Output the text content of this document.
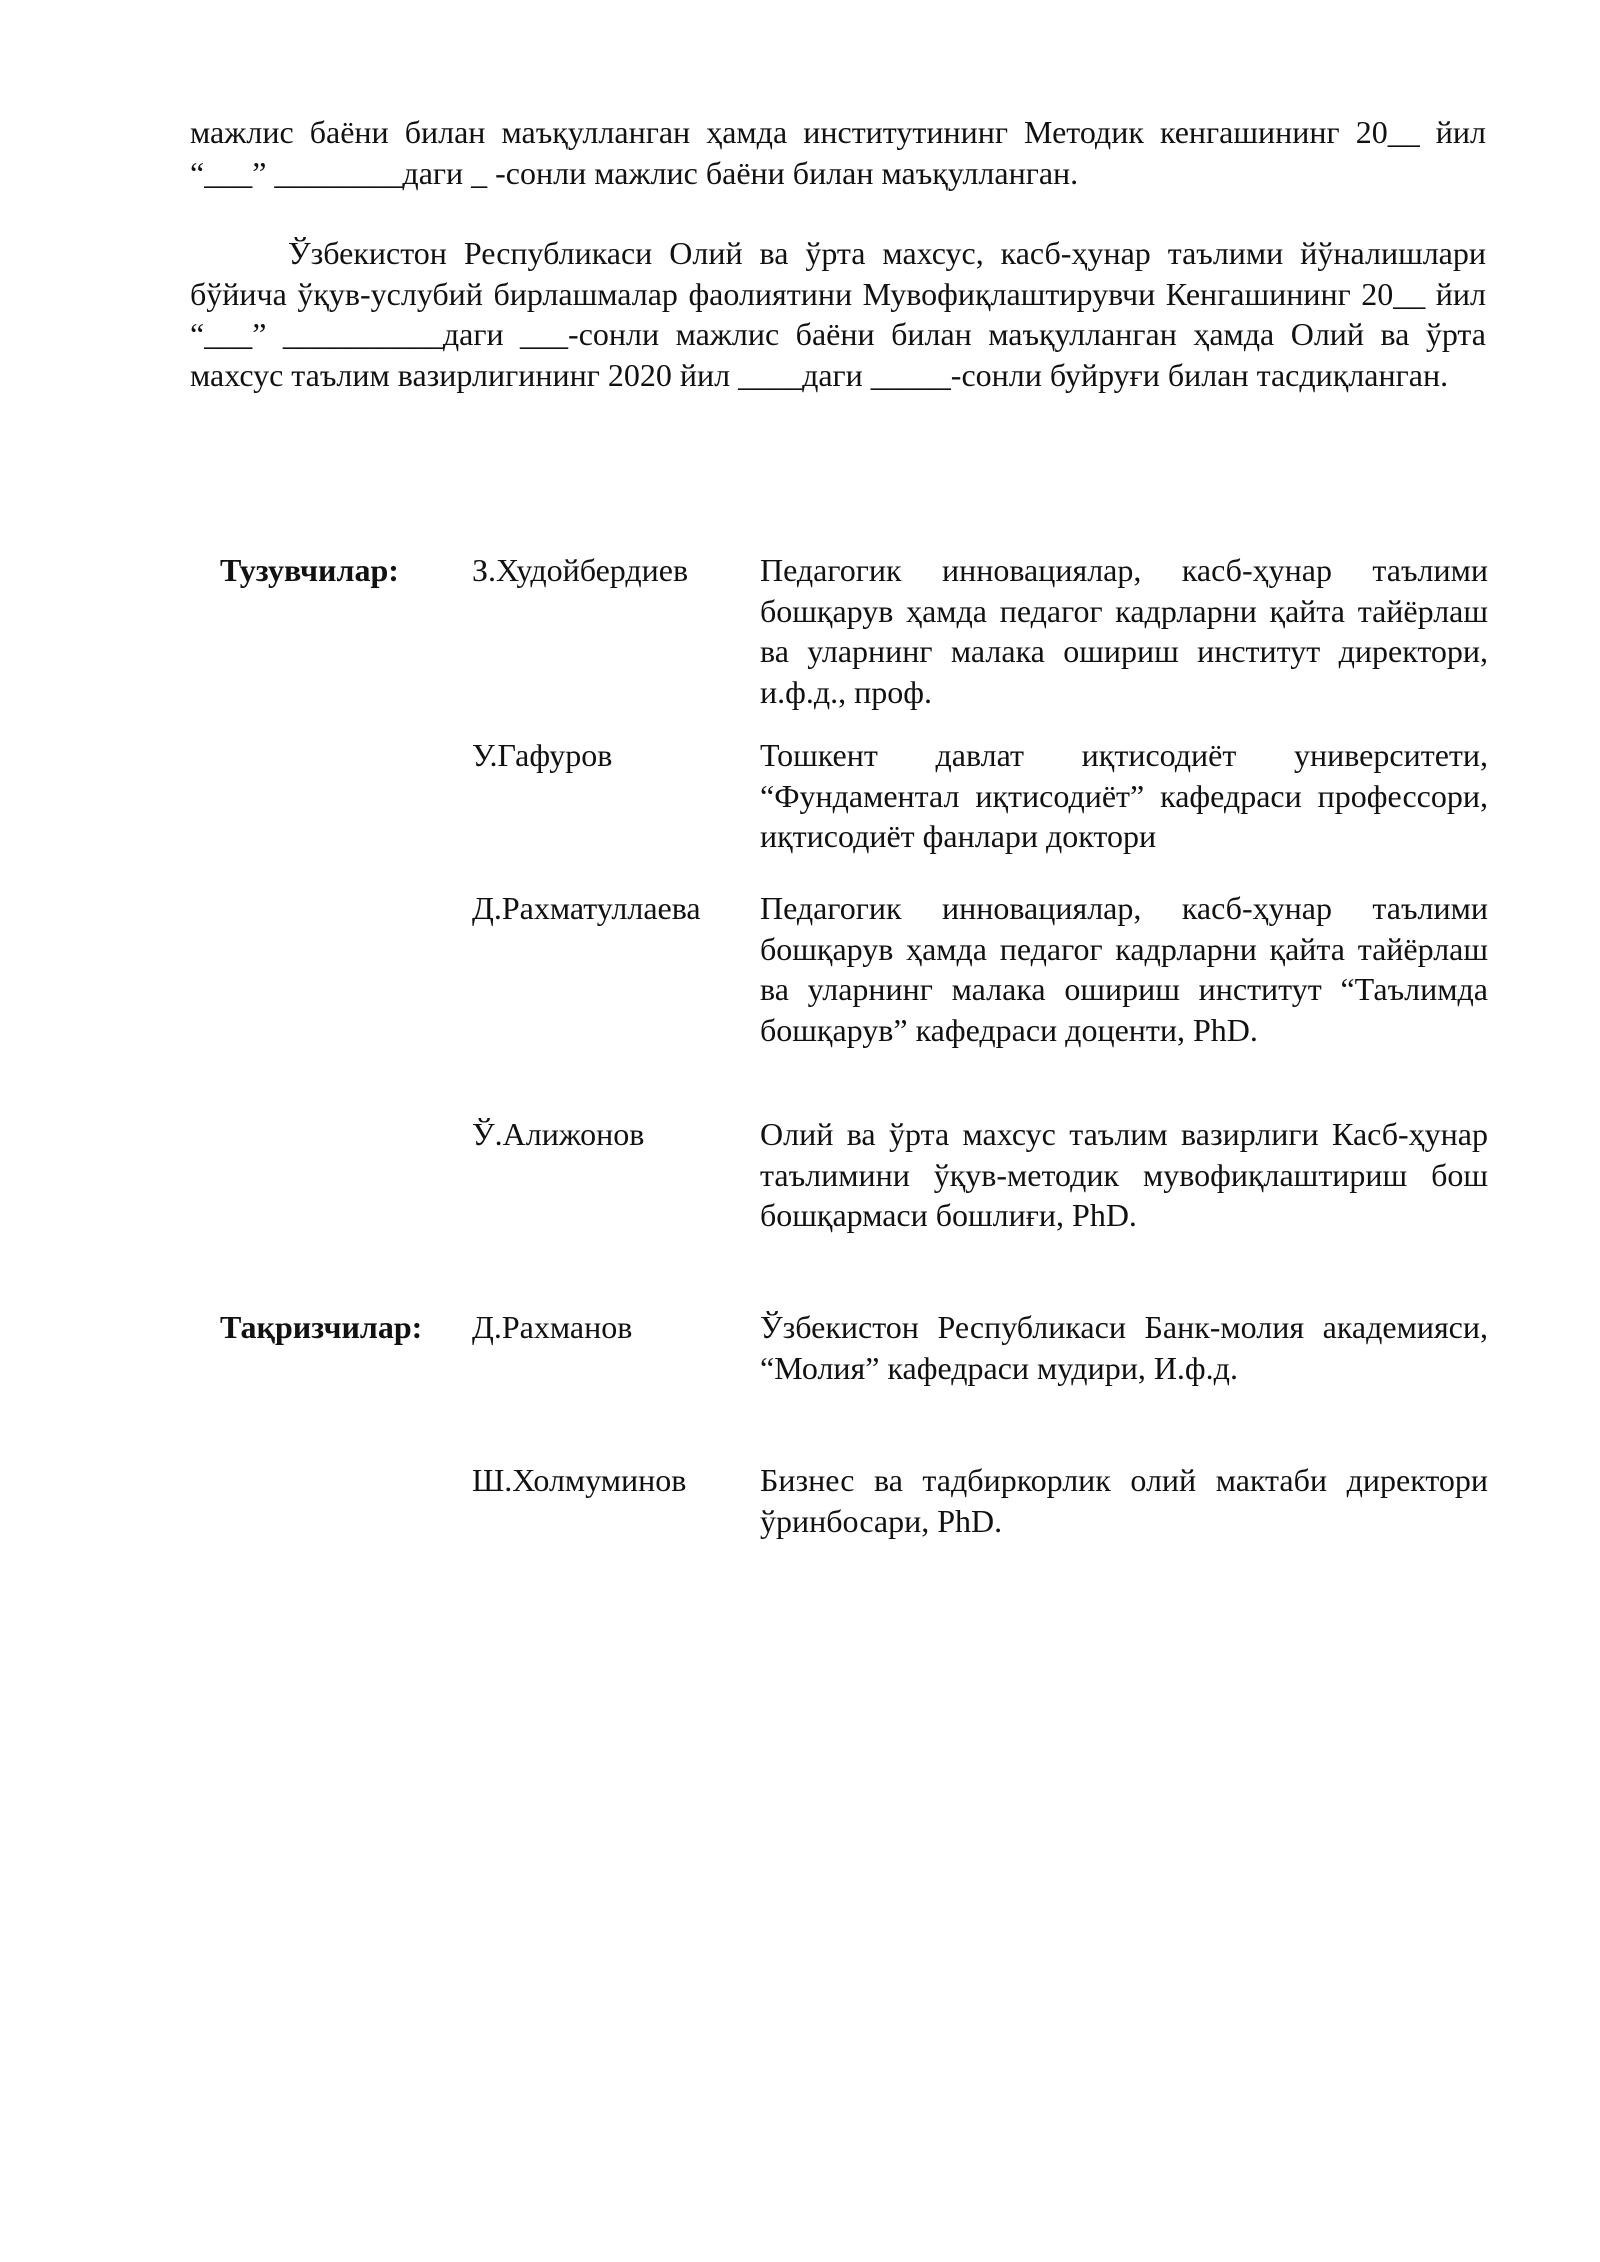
мажлис баёни билан маъқулланган ҳамда институтининг Методик кенгашининг 20__ йил “___” ________даги _ -сонли мажлис баёни билан маъқулланган.

Ўзбекистон Республикаси Олий ва ўрта махсус, касб-ҳунар таълими йўналишлари бўйича ўқув-услубий бирлашмалар фаолиятини Мувофиқлаштирувчи Кенгашининг 20__ йил “___” __________даги ___-сонли мажлис баёни билан маъқулланган ҳамда Олий ва ўрта махсус таълим вазирлигининг 2020 йил ____даги _____-сонли буйруғи билан тасдиқланган.

Тузувчилар:	З.Худойбердиев	Педагогик инновациялар, касб-ҳунар таълими бошқарув ҳамда педагог кадрларни қайта тайёрлаш ва уларнинг малака ошириш институт директори, и.ф.д., проф.
У.Гафуров	Тошкент давлат иқтисодиёт университети, “Фундаментал иқтисодиёт” кафедраси профессори, иқтисодиёт фанлари доктори
Д.Рахматуллаева	Педагогик инновациялар, касб-ҳунар таълими бошқарув ҳамда педагог кадрларни қайта тайёрлаш ва уларнинг малака ошириш институт “Таълимда бошқарув” кафедраси доценти, PhD.
Ў.Алижонов	Олий ва ўрта махсус таълим вазирлиги Касб-ҳунар таълимини ўқув-методик мувофиқлаштириш бош бошқармаси бошлиғи, PhD.
Тақризчилар:	Д.Рахманов	Ўзбекистон Республикаси Банк-молия академияси, “Молия” кафедраси мудири, И.ф.д.
Ш.Холмуминов	Бизнес ва тадбиркорлик олий мактаби директори ўринбосари, PhD.
